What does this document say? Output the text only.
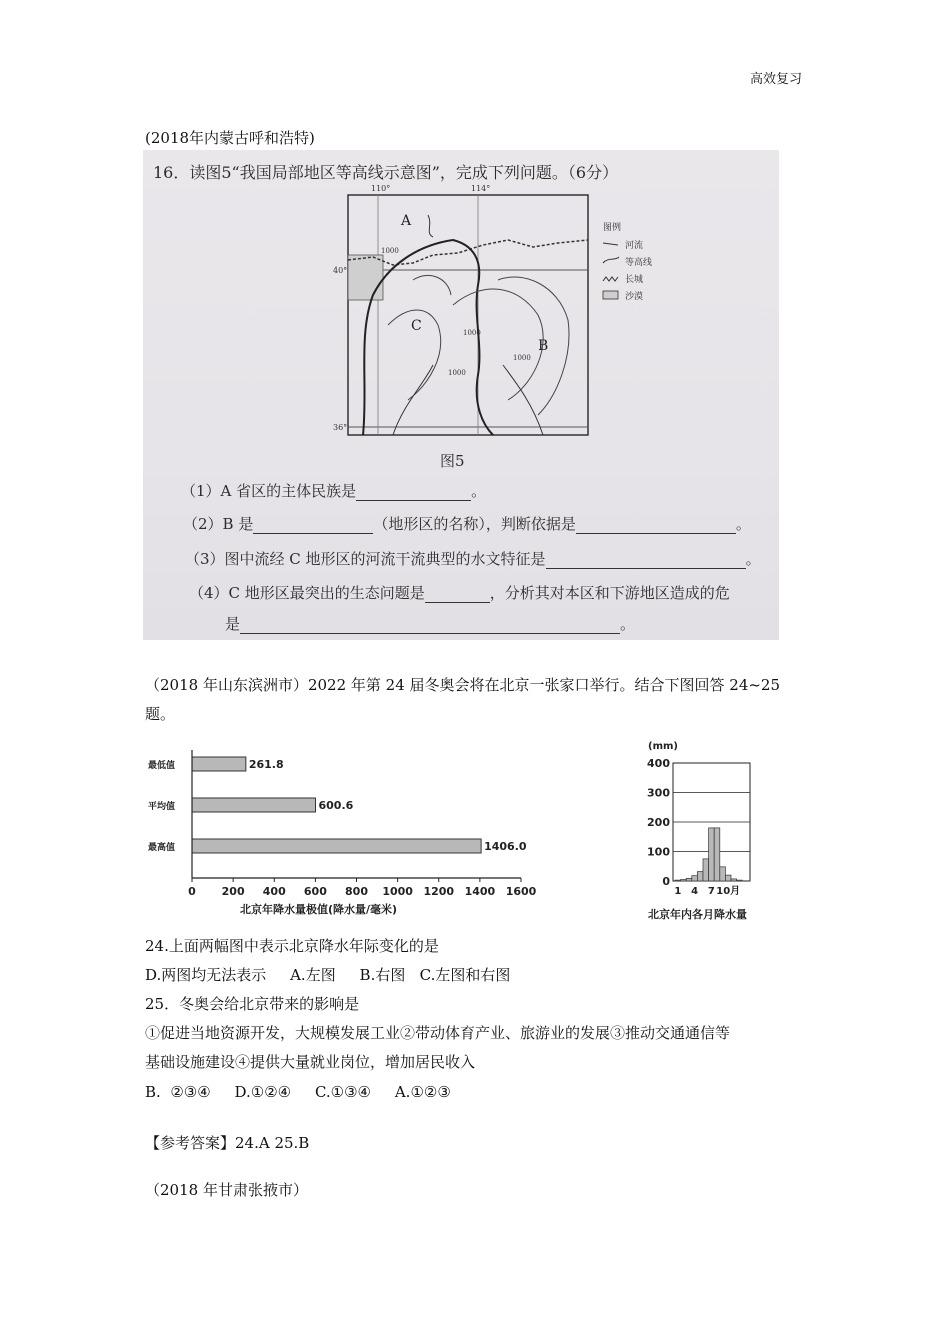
高效复习
(2018年内蒙古呼和浩特)
16．读图5“我国局部地区等高线示意图”，完成下列问题。（6分）
A
B
C
1000
1000
1000
1000
110°	114°
40°
36°
图例
河流
等高线
长城
沙漠
图5
（1）A 省区的主体民族是	。
（2）B 是	（地形区的名称），判断依据是	。
（3）图中流经 C 地形区的河流干流典型的水文特征是	。
（4）C 地形区最突出的生态问题是	，分析其对本区和下游地区造成的危
是	。
（2018 年山东滨洲市）2022 年第 24 届冬奥会将在北京一张家口举行。结合下图回答 24~25
题。
最低值	261.8
平均值	600.6
最高值	1406.0
0 200 400 600 800 1000 1200 1400 1600
北京年降水量极值(降水量/毫米)
0
100
200
300
400
1 4 7 10月
(mm)
北京年内各月降水量
24.上面两幅图中表示北京降水年际变化的是
D.两图均无法表示     A.左图     B.右图   C.左图和右图
25．冬奥会给北京带来的影响是
①促进当地资源开发，大规模发展工业②带动体育产业、旅游业的发展③推动交通通信等
基础设施建设④提供大量就业岗位，增加居民收入
B.  ②③④     D.①②④     C.①③④     A.①②③
【参考答案】24.A 25.B
（2018 年甘肃张掖市）
